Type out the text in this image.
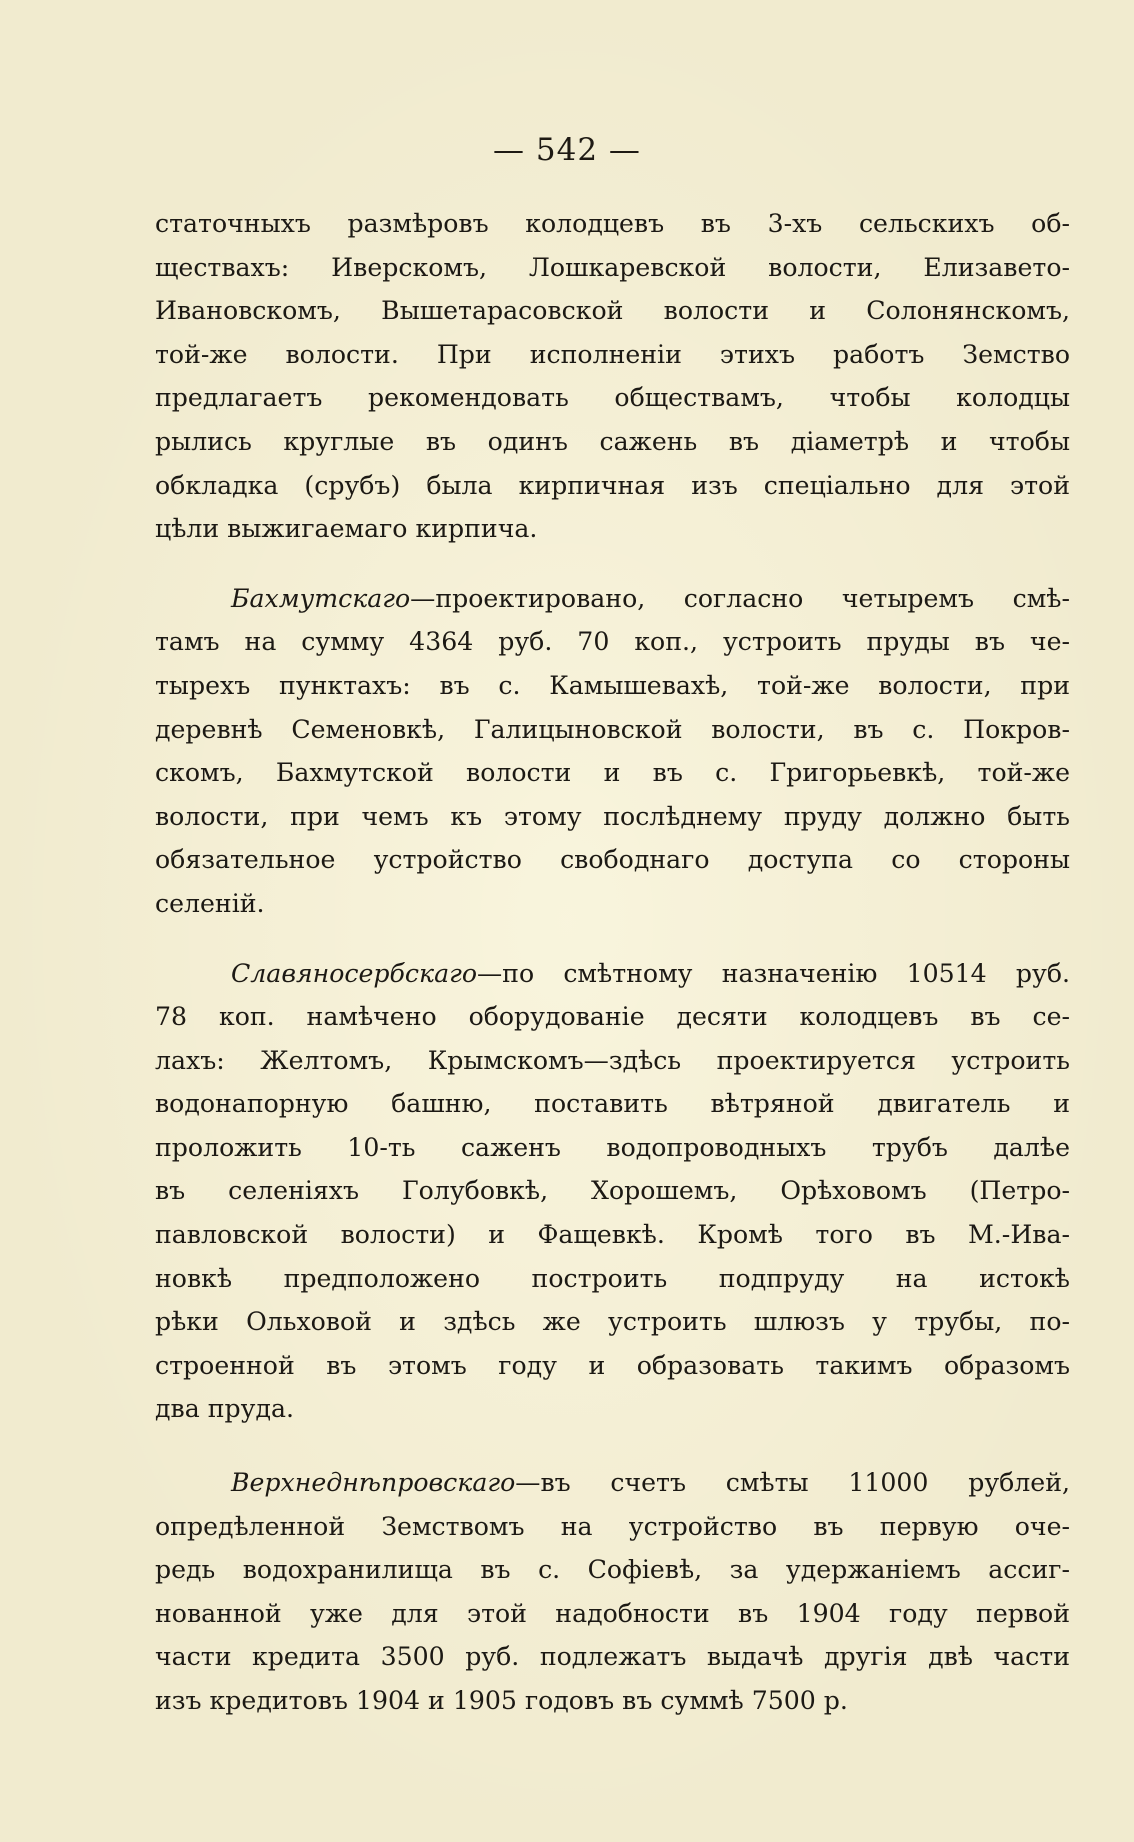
— 542 —

статочныхъ размѣровъ колодцевъ въ 3-хъ сельскихъ об-
ществахъ: Иверскомъ, Лошкаревской волости, Елизавето-
Ивановскомъ, Вышетарасовской волости и Солонянскомъ,
той-же волости. При исполненіи этихъ работъ Земство
предлагаетъ рекомендовать обществамъ, чтобы колодцы
рылись круглые въ одинъ сажень въ діаметрѣ и чтобы
обкладка (срубъ) была кирпичная изъ спеціально для этой
цѣли выжигаемаго кирпича.

Бахмутскаго—проектировано, согласно четыремъ смѣ-
тамъ на сумму 4364 руб. 70 коп., устроить пруды въ че-
тырехъ пунктахъ: въ с. Камышевахѣ, той-же волости, при
деревнѣ Семеновкѣ, Галицыновской волости, въ с. Покров-
скомъ, Бахмутской волости и въ с. Григорьевкѣ, той-же
волости, при чемъ къ этому послѣднему пруду должно быть
обязательное устройство свободнаго доступа со стороны
селеній.

Славяносербскаго—по смѣтному назначенію 10514 руб.
78 коп. намѣчено оборудованіе десяти колодцевъ въ се-
лахъ: Желтомъ, Крымскомъ—здѣсь проектируется устроить
водонапорную башню, поставить вѣтряной двигатель и
проложить 10-ть саженъ водопроводныхъ трубъ далѣе
въ селеніяхъ Голубовкѣ, Хорошемъ, Орѣховомъ (Петро-
павловской волости) и Фащевкѣ. Кромѣ того въ М.-Ива-
новкѣ предположено построить подпруду на истокѣ
рѣки Ольховой и здѣсь же устроить шлюзъ у трубы, по-
строенной въ этомъ году и образовать такимъ образомъ
два пруда.

Верхнеднѣпровскаго—въ счетъ смѣты 11000 рублей,
опредѣленной Земствомъ на устройство въ первую оче-
редь водохранилища въ с. Софіевѣ, за удержаніемъ ассиг-
нованной уже для этой надобности въ 1904 году первой
части кредита 3500 руб. подлежатъ выдачѣ другія двѣ части
изъ кредитовъ 1904 и 1905 годовъ въ суммѣ 7500 р.
